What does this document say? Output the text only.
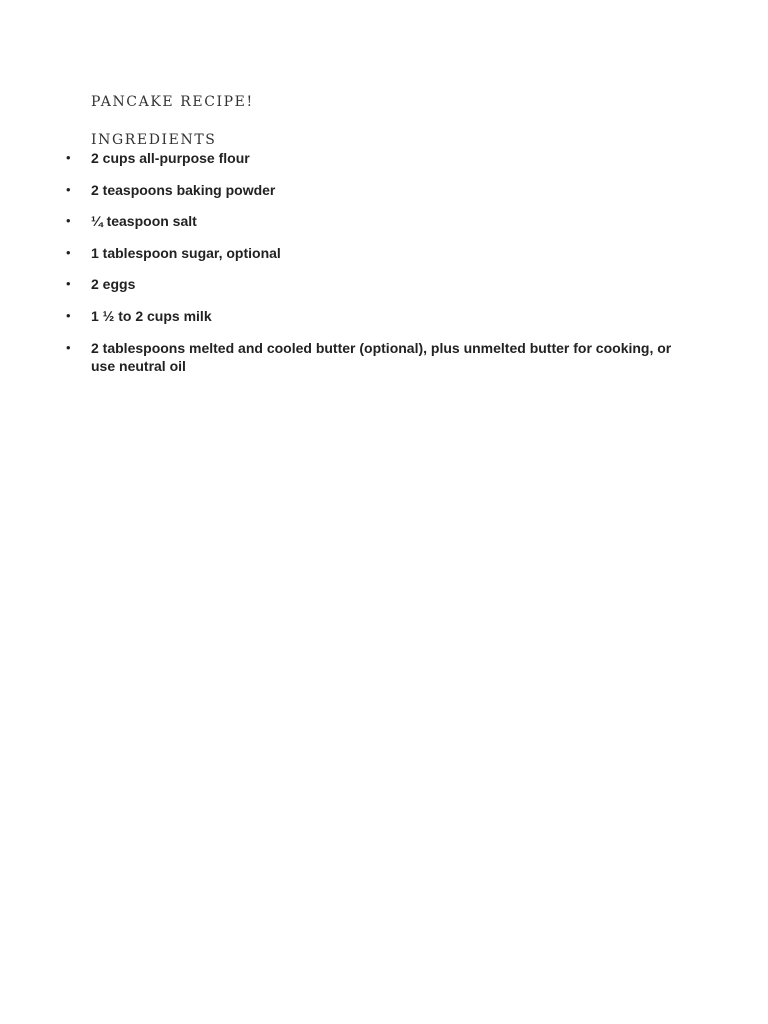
PANCAKE RECIPE!
INGREDIENTS
• 2 cups all-purpose flour
• 2 teaspoons baking powder
• ¼ teaspoon salt
• 1 tablespoon sugar, optional
• 2 eggs
• 1 ½ to 2 cups milk
• 2 tablespoons melted and cooled butter (optional), plus unmelted butter for cooking, or use neutral oil
